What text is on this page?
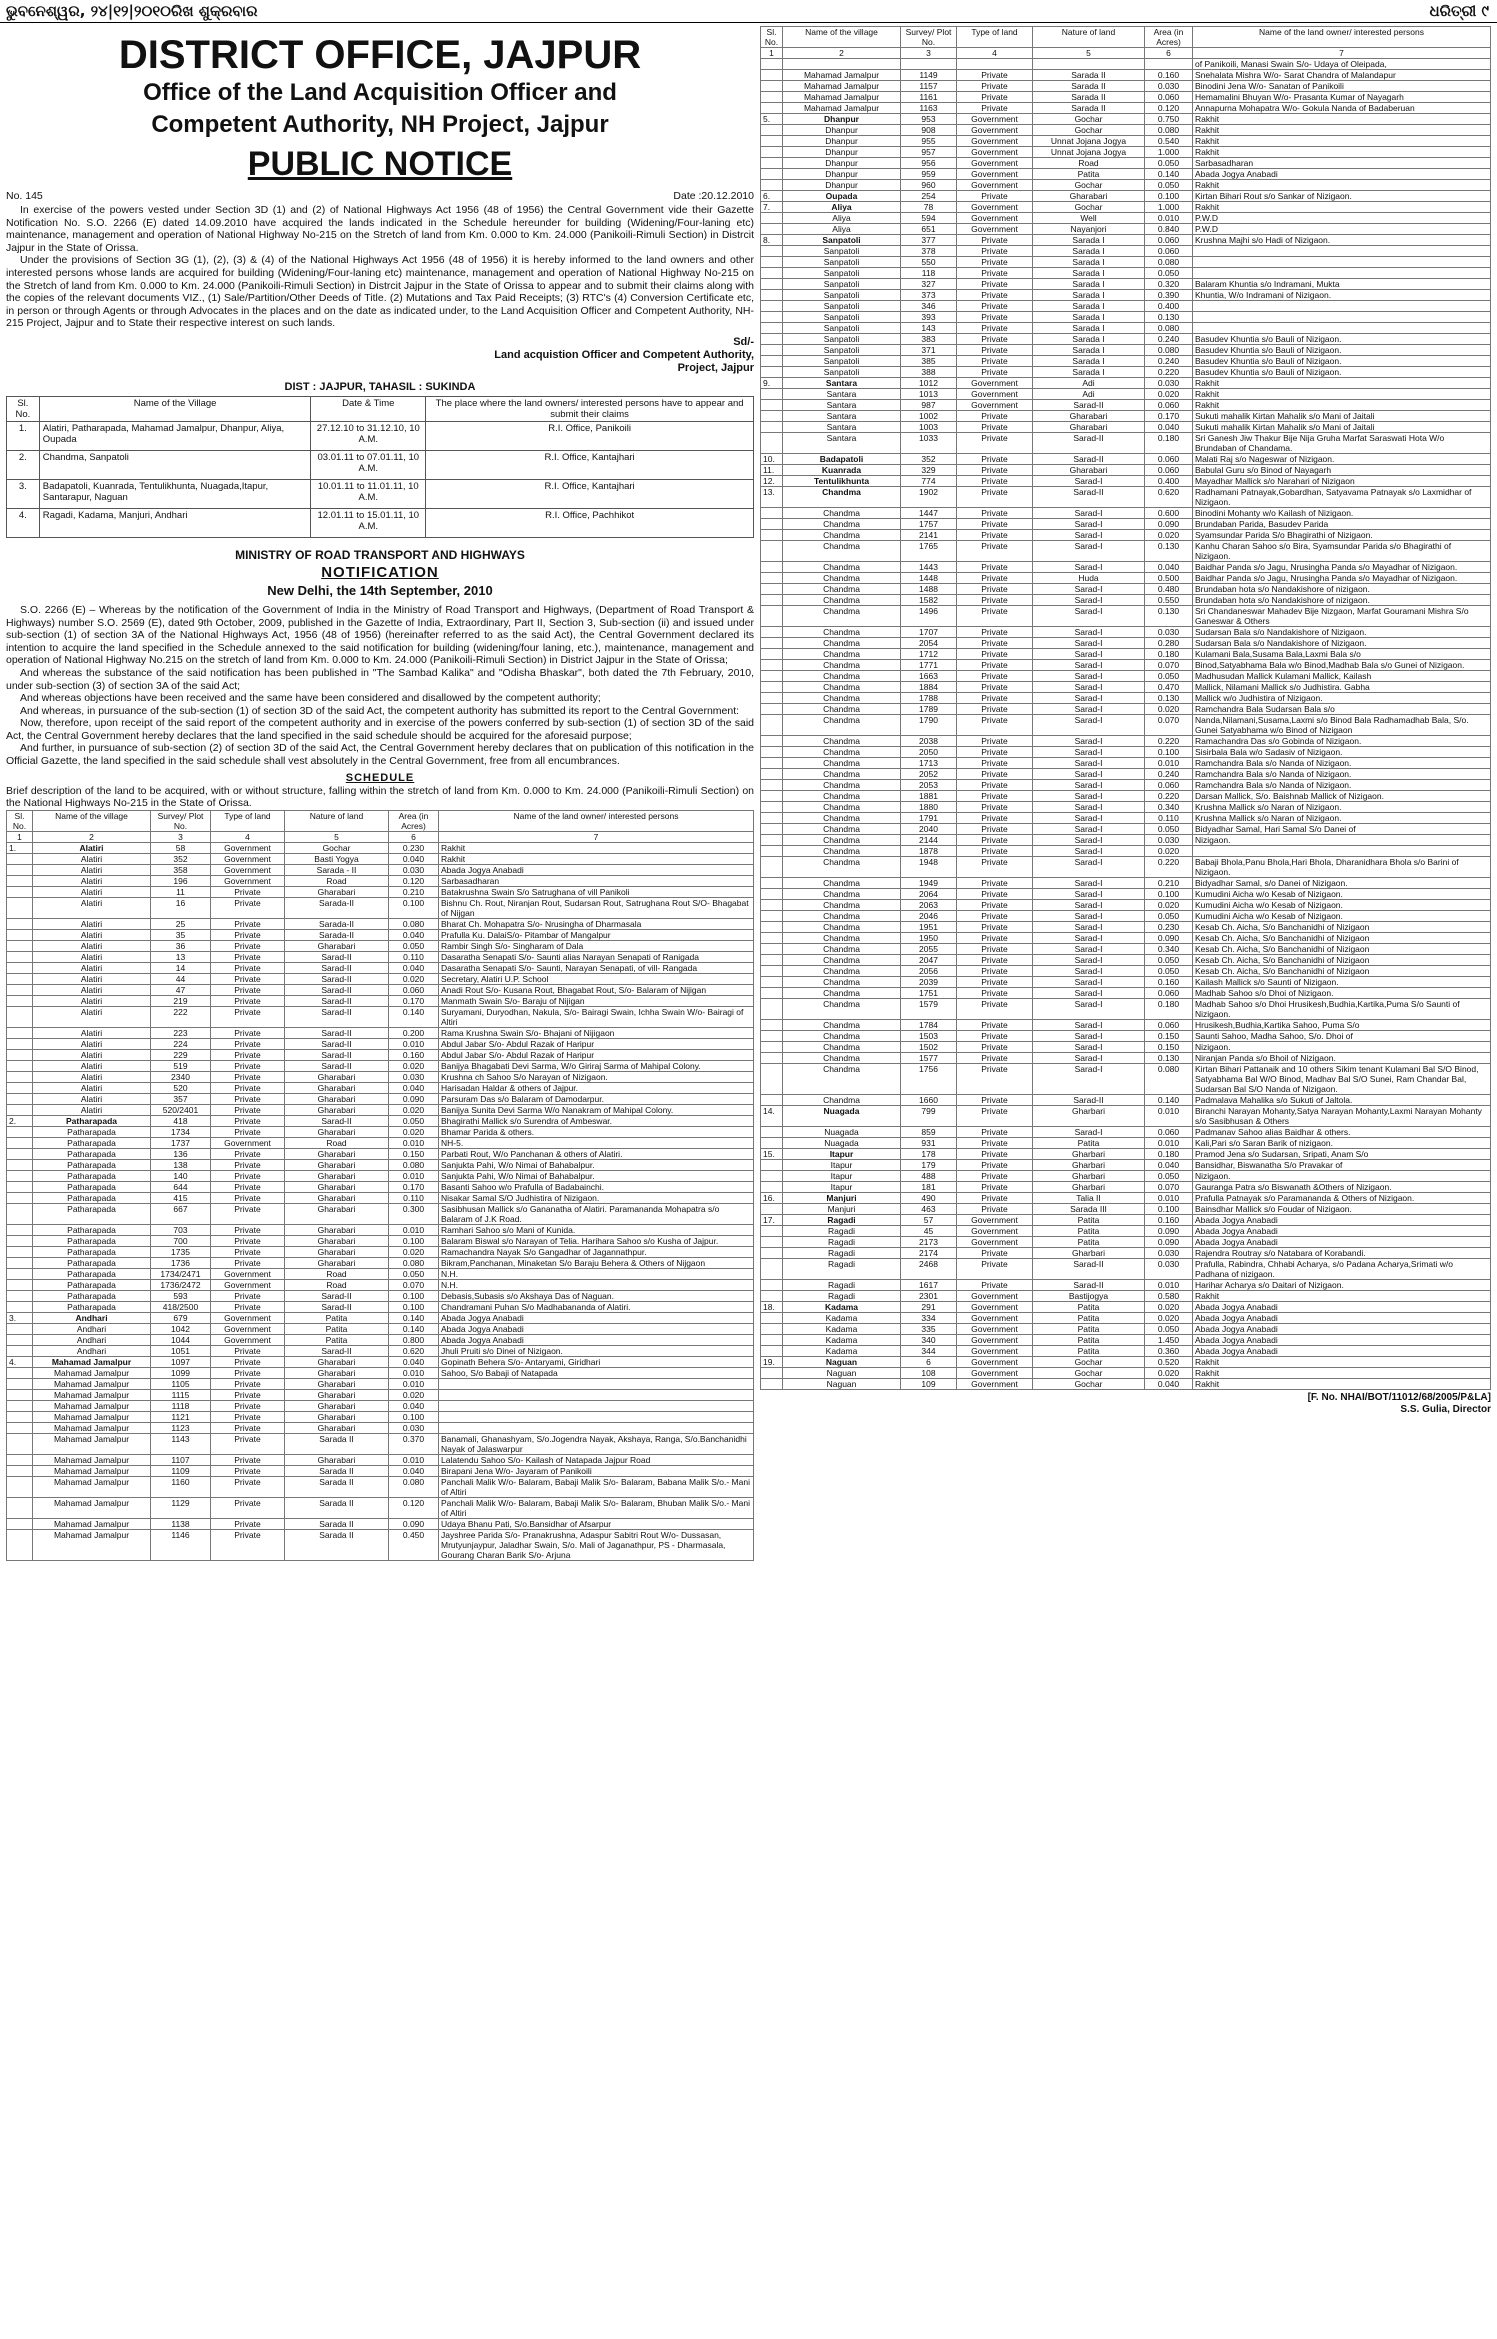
ଭୁବନେଶ୍ୱର, ୨୪|୧୨|୨୦୧୦ରିଖ ଶୁକ୍ରବାର	ଧରିତ୍ରୀ ୯
DISTRICT OFFICE, JAJPUR
Office of the Land Acquisition Officer and
Competent Authority, NH Project, Jajpur
PUBLIC NOTICE
No. 145	Date :20.12.2010

In exercise of the powers vested under Section 3D (1) and (2) of National Highways Act 1956 (48 of 1956) the Central Government vide their Gazette Notification No. S.O. 2266 (E) dated 14.09.2010 have acquired the lands indicated in the Schedule hereunder for building (Widening/Four-laning etc) maintenance, management and operation of National Highway No-215 on the Stretch of land from Km. 0.000 to Km. 24.000 (Panikoili-Rimuli Section) in Distrcit Jajpur in the State of Orissa.

Under the provisions of Section 3G (1), (2), (3) & (4) of the National Highways Act 1956 (48 of 1956) it is hereby informed to the land owners and other interested persons whose lands are acquired for building (Widening/Four-laning etc) maintenance, management and operation of National Highway No-215 on the Stretch of land from Km. 0.000 to Km. 24.000 (Panikoili-Rimuli Section) in Distrcit Jajpur in the State of Orissa to appear and to submit their claims along with the copies of the relevant documents VIZ., (1) Sale/Partition/Other Deeds of Title. (2) Mutations and Tax Paid Receipts; (3) RTC's (4) Conversion Certificate etc, in person or through Agents or through Advocates in the places and on the date as indicated under, to the Land Acquisition Officer and Competent Authority, NH-215 Project, Jajpur and to State their respective interest on such lands.

Sd/-
Land acquistion Officer and Competent Authority,
Project, Jajpur
DIST : JAJPUR, TAHASIL : SUKINDA
Sl. No.	Name of the Village	Date & Time	The place where the land owners/ interested persons have to appear and submit their claims
1.	Alatiri, Patharapada, Mahamad Jamalpur, Dhanpur, Aliya, Oupada	27.12.10 to 31.12.10, 10 A.M.	R.I. Office, Panikoili
2.	Chandma, Sanpatoli	03.01.11 to 07.01.11, 10 A.M.	R.I. Office, Kantajhari
3.	Badapatoli, Kuanrada, Tentulikhunta, Nuagada,Itapur, Santarapur, Naguan	10.01.11 to 11.01.11, 10 A.M.	R.I. Office, Kantajhari
4.	Ragadi, Kadama, Manjuri, Andhari	12.01.11 to 15.01.11, 10 A.M.	R.I. Office, Pachhikot
MINISTRY OF ROAD TRANSPORT AND HIGHWAYS
NOTIFICATION
New Delhi, the 14th September, 2010

S.O. 2266 (E) – Whereas by the notification of the Government of India in the Ministry of Road Transport and Highways, (Department of Road Transport & Highways) number S.O. 2569 (E), dated 9th October, 2009, published in the Gazette of India, Extraordinary, Part II, Section 3, Sub-section (ii) and issued under sub-section (1) of section 3A of the National Highways Act, 1956 (48 of 1956) (hereinafter referred to as the said Act), the Central Government declared its intention to acquire the land specified in the Schedule annexed to the said notification for building (widening/four laning, etc.), maintenance, management and operation of National Highway No.215 on the stretch of land from Km. 0.000 to Km. 24.000 (Panikoili-Rimuli Section) in District Jajpur in the State of Orissa;

And whereas the substance of the said notification has been published in "The Sambad Kalika" and "Odisha Bhaskar", both dated the 7th February, 2010, under sub-section (3) of section 3A of the said Act;

And whereas objections have been received and the same have been considered and disallowed by the competent authority;

And whereas, in pursuance of the sub-section (1) of section 3D of the said Act, the competent authority has submitted its report to the Central Government:

Now, therefore, upon receipt of the said report of the competent authority and in exercise of the powers conferred by sub-section (1) of section 3D of the said Act, the Central Government hereby declares that the land specified in the said schedule should be acquired for the aforesaid purpose;

And further, in pursuance of sub-section (2) of section 3D of the said Act, the Central Government hereby declares that on publication of this notification in the Official Gazette, the land specified in the said schedule shall vest absolutely in the Central Government, free from all encumbrances.

SCHEDULE

Brief description of the land to be acquired, with or without structure, falling within the stretch of land from Km. 0.000 to Km. 24.000 (Panikoili-Rimuli Section) on the National Highways No-215 in the State of Orissa.

Sl. No.	Name of the village	Survey/ Plot No.	Type of land	Nature of land	Area (in Acres)	Name of the land owner/ interested persons
1	2	3	4	5	6	7
1.	Alatiri	58	Government	Gochar	0.230	Rakhit
	Alatiri	352	Government	Basti Yogya	0.040	Rakhit
	Alatiri	358	Government	Sarada - II	0.030	Abada Jogya Anabadi
	Alatiri	196	Government	Road	0.120	Sarbasadharan
	Alatiri	11	Private	Gharabari	0.210	Batakrushna Swain S/o Satrughana of vill Panikoli
	Alatiri	16	Private	Sarada-II	0.100	Bishnu Ch. Rout, Niranjan Rout, Sudarsan Rout, Satrughana Rout S/O- Bhagabat of Nijgan
	Alatiri	25	Private	Sarada-II	0.080	Bharat Ch. Mohapatra S/o- Nrusingha of Dharmasala
	Alatiri	35	Private	Sarada-II	0.040	Prafulla Ku. DalaiS/o- Pitambar of Mangalpur
	Alatiri	36	Private	Gharabari	0.050	Rambir Singh S/o- Singharam of Dala
	Alatiri	13	Private	Sarad-II	0.110	Dasaratha Senapati S/o- Saunti alias Narayan Senapati of Ranigada
	Alatiri	14	Private	Sarad-II	0.040	Dasaratha Senapati S/o- Saunti, Narayan Senapati, of vill- Rangada
	Alatiri	44	Private	Sarad-II	0.020	Secretary, Alatiri U.P. School
	Alatiri	47	Private	Sarad-II	0.060	Anadi Rout S/o- Kusana Rout, Bhagabat Rout, S/o- Balaram of Nijigan
	Alatiri	219	Private	Sarad-II	0.170	Manmath Swain S/o- Baraju of Nijigan
	Alatiri	222	Private	Sarad-II	0.140	Suryamani, Duryodhan, Nakula, S/o- Bairagi Swain, Ichha Swain W/o- Bairagi of Altiri
	Alatiri	223	Private	Sarad-II	0.200	Rama Krushna Swain S/o- Bhajani of Nijigaon
	Alatiri	224	Private	Sarad-II	0.010	Abdul Jabar S/o- Abdul Razak of Haripur
	Alatiri	229	Private	Sarad-II	0.160	Abdul Jabar S/o- Abdul Razak of Haripur
	Alatiri	519	Private	Sarad-II	0.020	Banijya Bhagabati Devi Sarma, W/o Giriraj Sarma of Mahipal Colony.
	Alatiri	2340	Private	Gharabari	0.030	Krushna ch Sahoo S/o Narayan of Nizigaon.
	Alatiri	520	Private	Gharabari	0.040	Harisadan Haldar & others of Jajpur.
	Alatiri	357	Private	Gharabari	0.090	Parsuram Das s/o Balaram of Damodarpur.
	Alatiri	520/2401	Private	Gharabari	0.020	Banijya Sunita Devi Sarma W/o Nanakram of Mahipal Colony.
2.	Patharapada	418	Private	Sarad-II	0.050	Bhagirathi Mallick s/o Surendra of Ambeswar.
	Patharapada	1734	Private	Gharabari	0.020	Bhamar Parida & others.
	Patharapada	1737	Government	Road	0.010	NH-5.
	Patharapada	136	Private	Gharabari	0.150	Parbati Rout, W/o Panchanan & others of Alatiri.
	Patharapada	138	Private	Gharabari	0.080	Sanjukta Pahi, W/o Nimai of Bahabalpur.
	Patharapada	140	Private	Gharabari	0.010	Sanjukta Pahi, W/o Nimai of Bahabalpur.
	Patharapada	644	Private	Gharabari	0.170	Basanti Sahoo w/o Prafulla of Badabainchi.
	Patharapada	415	Private	Gharabari	0.110	Nisakar Samal S/O Judhistira of Nizigaon.
	Patharapada	667	Private	Gharabari	0.300	Sasibhusan Mallick s/o Gananatha of Alatiri. Paramananda Mohapatra s/o Balaram of J.K Road.
	Patharapada	703	Private	Gharabari	0.010	Ramhari Sahoo s/o Mani of Kunida.
	Patharapada	700	Private	Gharabari	0.100	Balaram Biswal s/o Narayan of Telia. Harihara Sahoo s/o Kusha of Jajpur.
	Patharapada	1735	Private	Gharabari	0.020	Ramachandra Nayak S/o Gangadhar of Jagannathpur.
	Patharapada	1736	Private	Gharabari	0.080	Bikram,Panchanan, Minaketan S/o Baraju Behera & Others of Nijgaon
	Patharapada	1734/2471	Government	Road	0.050	N.H.
	Patharapada	1736/2472	Government	Road	0.070	N.H.
	Patharapada	593	Private	Sarad-II	0.100	Debasis,Subasis s/o Akshaya Das of Naguan.
	Patharapada	418/2500	Private	Sarad-II	0.100	Chandramani Puhan S/o Madhabananda of Alatiri.
3.	Andhari	679	Government	Patita	0.140	Abada Jogya Anabadi
	Andhari	1042	Government	Patita	0.140	Abada Jogya Anabadi
	Andhari	1044	Government	Patita	0.800	Abada Jogya Anabadi
	Andhari	1051	Private	Sarad-II	0.620	Jhuli Pruiti s/o Dinei of Nizigaon.
4.	Mahamad Jamalpur	1097	Private	Gharabari	0.040	Gopinath Behera S/o- Antaryami, Giridhari
	Mahamad Jamalpur	1099	Private	Gharabari	0.010	Sahoo, S/o Babaji of Natapada
	Mahamad Jamalpur	1105	Private	Gharabari	0.010	
	Mahamad Jamalpur	1115	Private	Gharabari	0.020	
	Mahamad Jamalpur	1118	Private	Gharabari	0.040	
	Mahamad Jamalpur	1121	Private	Gharabari	0.100	
	Mahamad Jamalpur	1123	Private	Gharabari	0.030	
	Mahamad Jamalpur	1143	Private	Sarada II	0.370	Banamali, Ghanashyam, S/o.Jogendra Nayak, Akshaya, Ranga, S/o.Banchanidhi Nayak of Jalaswarpur
	Mahamad Jamalpur	1107	Private	Gharabari	0.010	Lalatendu Sahoo S/o- Kailash of Natapada Jajpur Road
	Mahamad Jamalpur	1109	Private	Sarada II	0.040	Birapani Jena W/o- Jayaram of Panikoili
	Mahamad Jamalpur	1160	Private	Sarada II	0.080	Panchali Malik W/o- Balaram, Babaji Malik S/o- Balaram, Babana Malik S/o.- Mani of Altiri
	Mahamad Jamalpur	1129	Private	Sarada II	0.120	Panchali Malik W/o- Balaram, Babaji Malik S/o- Balaram, Bhuban Malik S/o.- Mani of Altiri
	Mahamad Jamalpur	1138	Private	Sarada II	0.090	Udaya Bhanu Pati, S/o.Bansidhar of Afsarpur
	Mahamad Jamalpur	1146	Private	Sarada II	0.450	Jayshree Parida S/o- Pranakrushna, Adaspur Sabitri Rout W/o- Dussasan, Mrutyunjaypur, Jaladhar Swain, S/o. Mali of Jaganathpur, PS - Dharmasala, Gourang Charan Barik S/o- Arjuna
Sl. No.	Name of the village	Survey/ Plot No.	Type of land	Nature of land	Area (in Acres)	Name of the land owner/ interested persons
1	2	3	4	5	6	7
						of Panikoili, Manasi Swain S/o- Udaya of Oleipada,
	Mahamad Jamalpur	1149	Private	Sarada II	0.160	Snehalata Mishra W/o- Sarat Chandra of Malandapur
	Mahamad Jamalpur	1157	Private	Sarada II	0.030	Binodini Jena W/o- Sanatan of Panikoili
	Mahamad Jamalpur	1161	Private	Sarada II	0.060	Hemamalini Bhuyan W/o- Prasanta Kumar of Nayagarh
	Mahamad Jamalpur	1163	Private	Sarada II	0.120	Annapurna Mohapatra W/o- Gokula Nanda of Badaberuan
5.	Dhanpur	953	Government	Gochar	0.750	Rakhit
	Dhanpur	908	Government	Gochar	0.080	Rakhit
	Dhanpur	955	Government	Unnat Jojana Jogya	0.540	Rakhit
	Dhanpur	957	Government	Unnat Jojana Jogya	1.000	Rakhit
	Dhanpur	956	Government	Road	0.050	Sarbasadharan
	Dhanpur	959	Government	Patita	0.140	Abada Jogya Anabadi
	Dhanpur	960	Government	Gochar	0.050	Rakhit
6.	Oupada	254	Private	Gharabari	0.100	Kirtan Bihari Rout s/o Sankar of Nizigaon.
7.	Aliya	78	Government	Gochar	1.000	Rakhit
	Aliya	594	Government	Well	0.010	P.W.D
	Aliya	651	Government	Nayanjori	0.840	P.W.D
8.	Sanpatoli	377	Private	Sarada I	0.060	Krushna Majhi s/o Hadi of Nizigaon.
	Sanpatoli	378	Private	Sarada I	0.060	
	Sanpatoli	550	Private	Sarada I	0.080	
	Sanpatoli	118	Private	Sarada I	0.050	
	Sanpatoli	327	Private	Sarada I	0.320	Balaram Khuntia s/o Indramani, Mukta
	Sanpatoli	373	Private	Sarada I	0.390	Khuntia, W/o Indramani of Nizigaon.
	Sanpatoli	346	Private	Sarada I	0.400	
	Sanpatoli	393	Private	Sarada I	0.130	
	Sanpatoli	143	Private	Sarada I	0.080	
	Sanpatoli	383	Private	Sarada I	0.240	Basudev Khuntia s/o Bauli of Nizigaon.
	Sanpatoli	371	Private	Sarada I	0.080	Basudev Khuntia s/o Bauli of Nizigaon.
	Sanpatoli	385	Private	Sarada I	0.240	Basudev Khuntia s/o Bauli of Nizigaon.
	Sanpatoli	388	Private	Sarada I	0.220	Basudev Khuntia s/o Bauli of Nizigaon.
9.	Santara	1012	Government	Adi	0.030	Rakhit
	Santara	1013	Government	Adi	0.020	Rakhit
	Santara	987	Government	Sarad-II	0.060	Rakhit
	Santara	1002	Private	Gharabari	0.170	Sukuti mahalik Kirtan Mahalik s/o Mani of Jaitali
	Santara	1003	Private	Gharabari	0.040	Sukuti mahalik Kirtan Mahalik s/o Mani of Jaitali
	Santara	1033	Private	Sarad-II	0.180	Sri Ganesh Jiw Thakur Bije Nija Gruha Marfat Saraswati Hota W/o Brundaban of Chandama.
10.	Badapatoli	352	Private	Sarad-II	0.060	Malati Raj s/o Nageswar of Nizigaon.
11.	Kuanrada	329	Private	Gharabari	0.060	Babulal Guru s/o Binod of Nayagarh
12.	Tentulikhunta	774	Private	Sarad-I	0.400	Mayadhar Mallick s/o Narahari of Nizigaon
13.	Chandma	1902	Private	Sarad-II	0.620	Radhamani Patnayak,Gobardhan, Satyavama Patnayak s/o Laxmidhar of Nizigaon.
	Chandma	1447	Private	Sarad-I	0.600	Binodini Mohanty w/o Kailash of Nizigaon.
	Chandma	1757	Private	Sarad-I	0.090	Brundaban Parida, Basudev Parida
	Chandma	2141	Private	Sarad-I	0.020	Syamsundar Parida S/o Bhagirathi of Nizigaon.
	Chandma	1765	Private	Sarad-I	0.130	Kanhu Charan Sahoo s/o Bira, Syamsundar Parida s/o Bhagirathi of Nizigaon.
	Chandma	1443	Private	Sarad-I	0.040	Baidhar Panda s/o Jagu, Nrusingha Panda s/o Mayadhar of Nizigaon.
	Chandma	1448	Private	Huda	0.500	Baidhar Panda s/o Jagu, Nrusingha Panda s/o Mayadhar of Nizigaon.
	Chandma	1488	Private	Sarad-I	0.480	Brundaban hota s/o Nandakishore of nizigaon.
	Chandma	1582	Private	Sarad-I	0.550	Brundaban hota s/o Nandakishore of nizigaon.
	Chandma	1496	Private	Sarad-I	0.130	Sri Chandaneswar Mahadev Bije Nizgaon, Marfat Gouramani Mishra S/o Ganeswar & Others
	Chandma	1707	Private	Sarad-I	0.030	Sudarsan Bala s/o Nandakishore of Nizigaon.
	Chandma	2054	Private	Sarad-I	0.280	Sudarsan Bala s/o Nandakishore of Nizigaon.
	Chandma	1712	Private	Sarad-I	0.180	Kulamani Bala,Susama Bala,Laxmi Bala s/o
	Chandma	1771	Private	Sarad-I	0.070	Binod,Satyabhama Bala w/o Binod,Madhab Bala s/o Gunei of Nizigaon.
	Chandma	1663	Private	Sarad-I	0.050	Madhusudan Mallick Kulamani Mallick, Kailash
	Chandma	1884	Private	Sarad-I	0.470	Mallick, Nilamani Mallick s/o Judhistira. Gabha
	Chandma	1788	Private	Sarad-I	0.130	Mallick w/o Judhistira of Nizigaon.
	Chandma	1789	Private	Sarad-I	0.020	Ramchandra Bala Sudarsan Bala s/o
	Chandma	1790	Private	Sarad-I	0.070	Nanda,Nilamani,Susama,Laxmi s/o Binod Bala Radhamadhab Bala, S/o. Gunei Satyabhama w/o Binod of Nizigaon
	Chandma	2038	Private	Sarad-I	0.220	Ramachandra Das s/o Gobinda of Nizigaon.
	Chandma	2050	Private	Sarad-I	0.100	Sisirbala Bala w/o Sadasiv of Nizigaon.
	Chandma	1713	Private	Sarad-I	0.010	Ramchandra Bala s/o Nanda of Nizigaon.
	Chandma	2052	Private	Sarad-I	0.240	Ramchandra Bala s/o Nanda of Nizigaon.
	Chandma	2053	Private	Sarad-I	0.060	Ramchandra Bala s/o Nanda of Nizigaon.
	Chandma	1881	Private	Sarad-I	0.220	Darsan Mallick, S/o. Baishnab Mallick of Nizigaon.
	Chandma	1880	Private	Sarad-I	0.340	Krushna Mallick s/o Naran of Nizigaon.
	Chandma	1791	Private	Sarad-I	0.110	Krushna Mallick s/o Naran of Nizigaon.
	Chandma	2040	Private	Sarad-I	0.050	Bidyadhar Samal, Hari Samal S/o Danei of
	Chandma	2144	Private	Sarad-I	0.030	Nizigaon.
	Chandma	1878	Private	Sarad-I	0.020	
	Chandma	1948	Private	Sarad-I	0.220	Babaji Bhola,Panu Bhola,Hari Bhola, Dharanidhara Bhola s/o Barini of Nizigaon.
	Chandma	1949	Private	Sarad-I	0.210	Bidyadhar Samal, s/o Danei of Nizigaon.
	Chandma	2064	Private	Sarad-I	0.100	Kumudini Aicha w/o Kesab of Nizigaon.
	Chandma	2063	Private	Sarad-I	0.020	Kumudini Aicha w/o Kesab of Nizigaon.
	Chandma	2046	Private	Sarad-I	0.050	Kumudini Aicha w/o Kesab of Nizigaon.
	Chandma	1951	Private	Sarad-I	0.230	Kesab Ch. Aicha, S/o Banchanidhi of Nizigaon
	Chandma	1950	Private	Sarad-I	0.090	Kesab Ch. Aicha, S/o Banchanidhi of Nizigaon
	Chandma	2055	Private	Sarad-I	0.340	Kesab Ch. Aicha, S/o Banchanidhi of Nizigaon
	Chandma	2047	Private	Sarad-I	0.050	Kesab Ch. Aicha, S/o Banchanidhi of Nizigaon
	Chandma	2056	Private	Sarad-I	0.050	Kesab Ch. Aicha, S/o Banchanidhi of Nizigaon
	Chandma	2039	Private	Sarad-I	0.160	Kailash Mallick s/o Saunti of Nizigaon.
	Chandma	1751	Private	Sarad-I	0.060	Madhab Sahoo s/o Dhoi of Nizigaon.
	Chandma	1579	Private	Sarad-I	0.180	Madhab Sahoo s/o Dhoi Hrusikesh,Budhia,Kartika,Puma S/o Saunti of Nizigaon.
	Chandma	1784	Private	Sarad-I	0.060	Hrusikesh,Budhia,Kartika Sahoo, Puma S/o
	Chandma	1503	Private	Sarad-I	0.150	Saunti Sahoo, Madha Sahoo, S/o. Dhoi of
	Chandma	1502	Private	Sarad-I	0.150	Nizigaon.
	Chandma	1577	Private	Sarad-I	0.130	Niranjan Panda s/o Bhoil of Nizigaon.
	Chandma	1756	Private	Sarad-I	0.080	Kirtan Bihari Pattanaik and 10 others Sikim tenant Kulamani Bal S/O Binod, Satyabhama Bal W/O Binod, Madhav Bal S/O Sunei, Ram Chandar Bal, Sudarsan Bal S/O Nanda of Nizigaon.
	Chandma	1660	Private	Sarad-II	0.140	Padmalava Mahalika s/o Sukuti of Jaltola.
14.	Nuagada	799	Private	Gharbari	0.010	Biranchi Narayan Mohanty,Satya Narayan Mohanty,Laxmi Narayan Mohanty s/o Sasibhusan & Others
	Nuagada	859	Private	Sarad-I	0.060	Padmanav Sahoo alias Baidhar & others.
	Nuagada	931	Private	Patita	0.010	Kali,Pari s/o Saran Barik of nizigaon.
15.	Itapur	178	Private	Gharbari	0.180	Pramod Jena s/o Sudarsan, Sripati, Anam S/o
	Itapur	179	Private	Gharbari	0.040	Bansidhar, Biswanatha S/o Pravakar of
	Itapur	488	Private	Gharbari	0.050	Nizigaon.
	Itapur	181	Private	Gharbari	0.070	Gauranga Patra s/o Biswanath &Others of Nizigaon.
16.	Manjuri	490	Private	Talia II	0.010	Prafulla Patnayak s/o Paramananda & Others of Nizigaon.
	Manjuri	463	Private	Sarada III	0.100	Bainsdhar Mallick s/o Foudar of Nizigaon.
17.	Ragadi	57	Government	Patita	0.160	Abada Jogya Anabadi
	Ragadi	45	Government	Patita	0.090	Abada Jogya Anabadi
	Ragadi	2173	Government	Patita	0.090	Abada Jogya Anabadi
	Ragadi	2174	Private	Gharbari	0.030	Rajendra Routray s/o Natabara of Korabandi.
	Ragadi	2468	Private	Sarad-II	0.030	Prafulla, Rabindra, Chhabi Acharya, s/o Padana Acharya,Srimati w/o Padhana of nizigaon.
	Ragadi	1617	Private	Sarad-II	0.010	Harihar Acharya s/o Daitari of Nizigaon.
	Ragadi	2301	Government	Bastijogya	0.580	Rakhit
18.	Kadama	291	Government	Patita	0.020	Abada Jogya Anabadi
	Kadama	334	Government	Patita	0.020	Abada Jogya Anabadi
	Kadama	335	Government	Patita	0.050	Abada Jogya Anabadi
	Kadama	340	Government	Patita	1.450	Abada Jogya Anabadi
	Kadama	344	Government	Patita	0.360	Abada Jogya Anabadi
19.	Naguan	6	Government	Gochar	0.520	Rakhit
	Naguan	108	Government	Gochar	0.020	Rakhit
	Naguan	109	Government	Gochar	0.040	Rakhit
[F. No. NHAI/BOT/11012/68/2005/P&LA]
S.S. Gulia, Director
